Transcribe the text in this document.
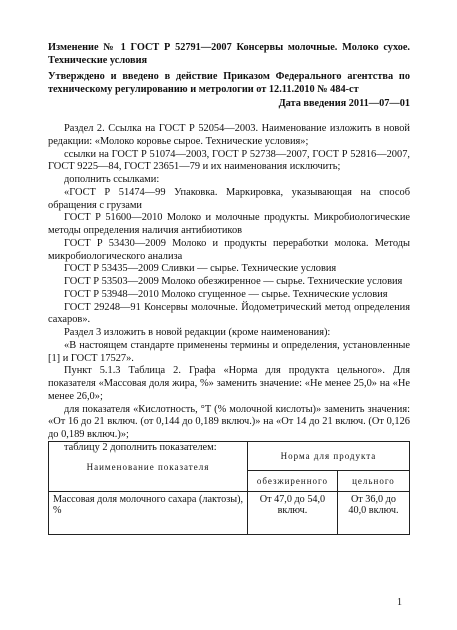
Изменение № 1 ГОСТ Р 52791—2007 Консервы молочные. Молоко сухое. Технические условия
Утверждено и введено в действие Приказом Федерального агентства по техническому регулированию и метрологии от 12.11.2010 № 484-ст
Дата введения 2011—07—01

Раздел 2. Ссылка на ГОСТ Р 52054—2003. Наименование изложить в новой редакции: «Молоко коровье сырое. Технические условия»;

ссылки на ГОСТ Р 51074—2003, ГОСТ Р 52738—2007, ГОСТ Р 52816—2007, ГОСТ 9225—84, ГОСТ 23651—79 и их наименования исключить;

дополнить ссылками:

«ГОСТ Р 51474—99 Упаковка. Маркировка, указывающая на способ обращения с грузами

ГОСТ Р 51600—2010 Молоко и молочные продукты. Микробиологические методы определения наличия антибиотиков

ГОСТ Р 53430—2009 Молоко и продукты переработки молока. Методы микробиологического анализа

ГОСТ Р 53435—2009 Сливки — сырье. Технические условия

ГОСТ Р 53503—2009 Молоко обезжиренное — сырье. Технические условия

ГОСТ Р 53948—2010 Молоко сгущенное — сырье. Технические условия

ГОСТ 29248—91 Консервы молочные. Йодометрический метод определения сахаров».

Раздел 3 изложить в новой редакции (кроме наименования):

«В настоящем стандарте применены термины и определения, установленные [1] и ГОСТ 17527».

Пункт 5.1.3 Таблица 2. Графа «Норма для продукта цельного». Для показателя «Массовая доля жира, %» заменить значение: «Не менее 25,0» на «Не менее 26,0»;

для показателя «Кислотность, °Т (% молочной кислоты)» заменить значения: «От 16 до 21 включ. (от 0,144 до 0,189 включ.)» на «От 14 до 21 включ. (От 0,126 до 0,189 включ.)»;

таблицу 2 дополнить показателем:

Наименование показателя	Норма для продукта	
	обезжиренного	цельного
Массовая доля молочного сахара (лактозы), %	От 47,0 до 54,0 включ.	От 36,0 до 40,0 включ.
1
